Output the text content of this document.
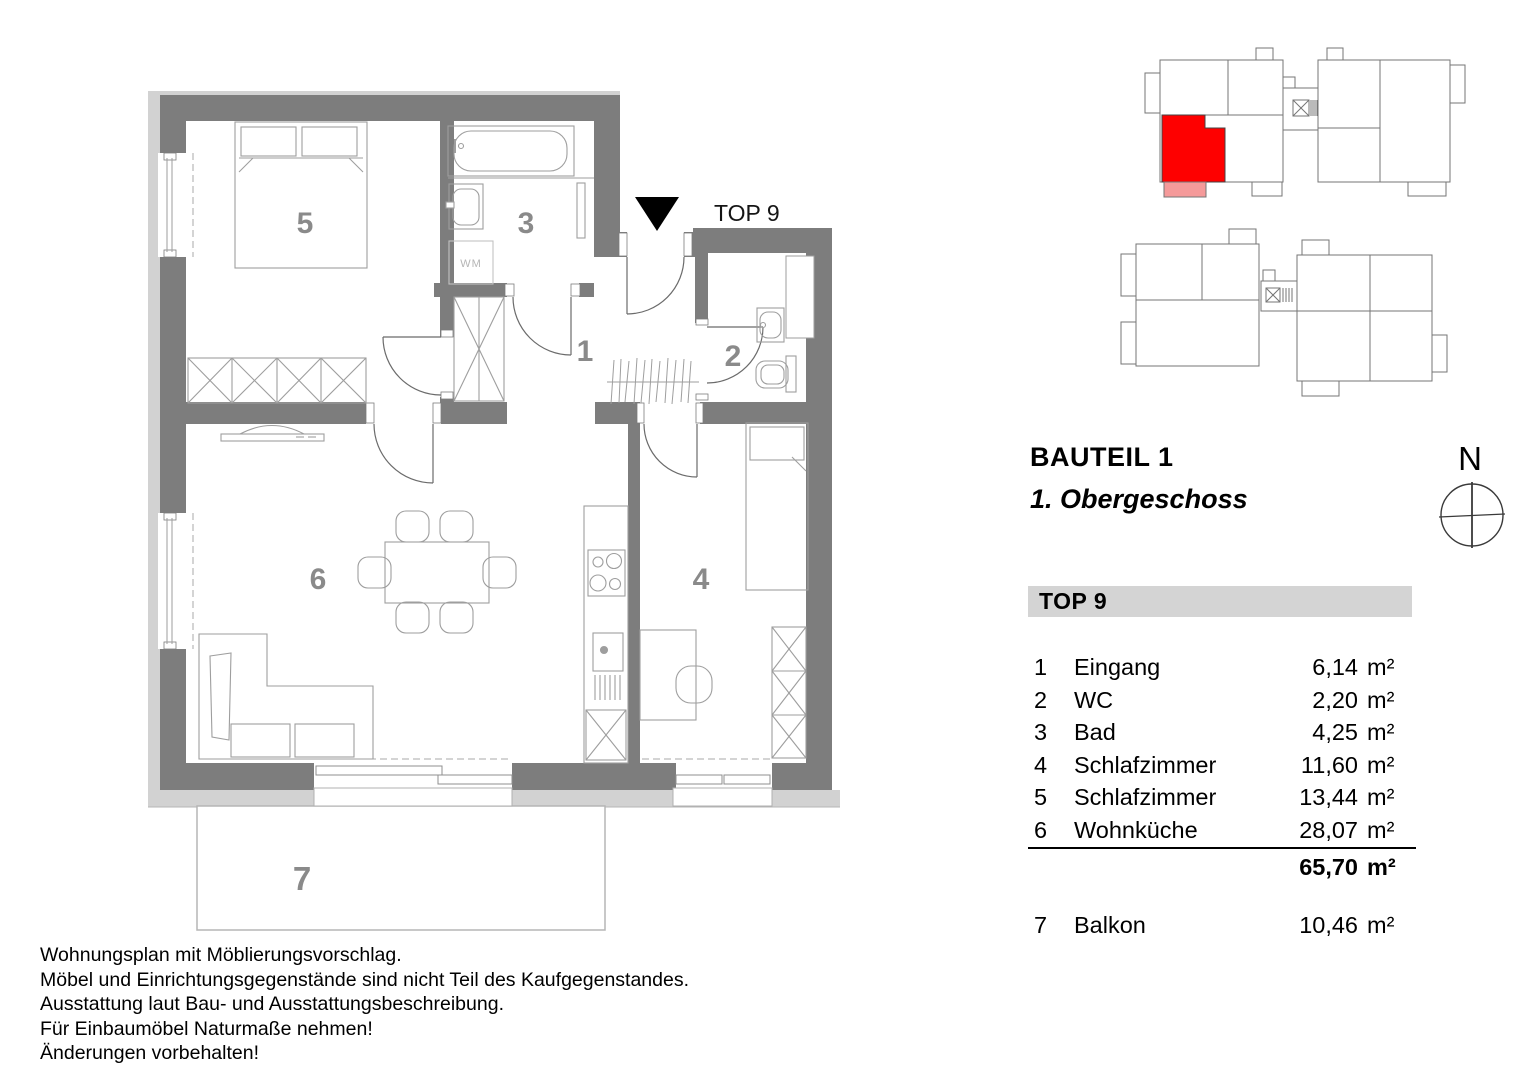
TOP 9
WM
1	2
3
4
5
6
7
N
BAUTEIL 1
1. Obergeschoss
TOP 9
1	Eingang	6,14 m²
2	WC	2,20 m²
3	Bad	4,25 m²
4	Schlafzimmer	11,60 m²
5	Schlafzimmer	13,44 m²
6	Wohnküche	28,07 m²
65,70 m²
7	Balkon	10,46 m²
Wohnungsplan mit Möblierungsvorschlag.
Möbel und Einrichtungsgegenstände sind nicht Teil des Kaufgegenstandes.
Ausstattung laut Bau- und Ausstattungsbeschreibung.
Für Einbaumöbel Naturmaße nehmen!
Änderungen vorbehalten!
